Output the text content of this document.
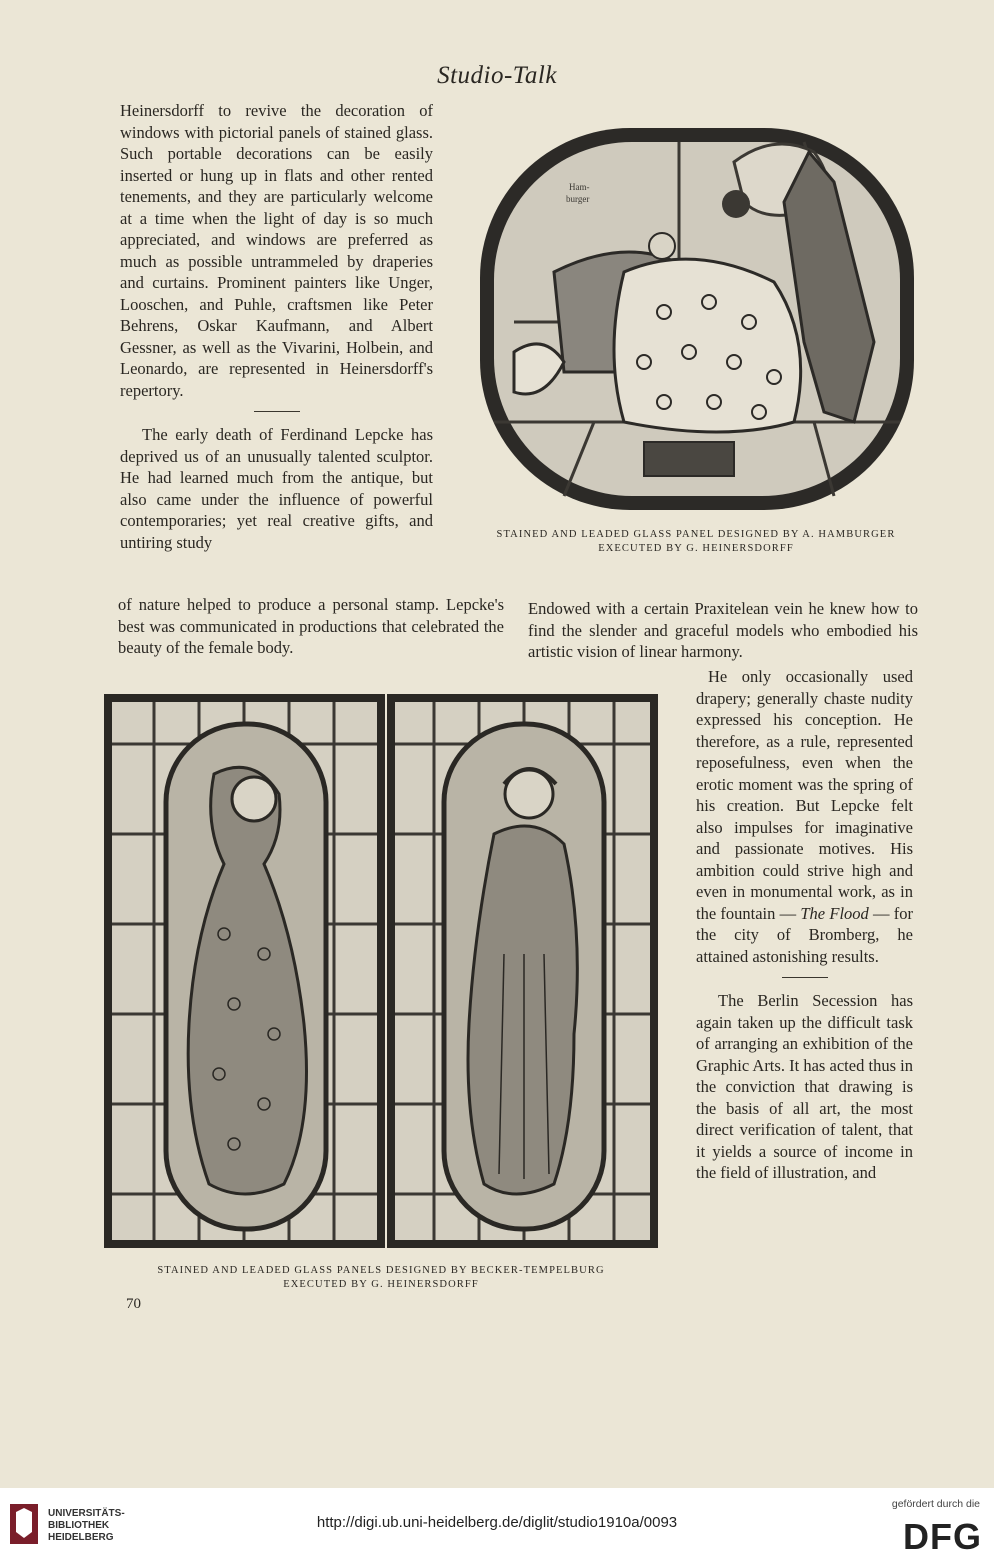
Studio-Talk

Heinersdorff to revive the decoration of windows with pictorial panels of stained glass. Such portable decorations can be easily inserted or hung up in flats and other rented tenements, and they are particularly welcome at a time when the light of day is so much appreciated, and windows are preferred as much as possible untrammeled by draperies and curtains. Prominent painters like Unger, Looschen, and Puhle, craftsmen like Peter Behrens, Oskar Kaufmann, and Albert Gessner, as well as the Vivarini, Holbein, and Leonardo, are represented in Heinersdorff's repertory.

The early death of Ferdinand Lepcke has deprived us of an unusually talented sculptor. He had learned much from the antique, but also came under the influence of powerful contemporaries; yet real creative gifts, and untiring study

Ham-
burger
STAINED AND LEADED GLASS PANEL DESIGNED BY A. HAMBURGER
EXECUTED BY G. HEINERSDORFF

of nature helped to produce a personal stamp. Lepcke's best was communicated in productions that celebrated the beauty of the female body.

Endowed with a certain Praxitelean vein he knew how to find the slender and graceful models who embodied his artistic vision of linear harmony.

STAINED AND LEADED GLASS PANELS DESIGNED BY BECKER-TEMPELBURG
EXECUTED BY G. HEINERSDORFF

He only occasionally used drapery; generally chaste nudity expressed his conception. He therefore, as a rule, represented reposefulness, even when the erotic moment was the spring of his creation. But Lepcke felt also impulses for imaginative and passionate motives. His ambition could strive high and even in monumental work, as in the fountain — The Flood — for the city of Bromberg, he attained astonishing results.

The Berlin Secession has again taken up the difficult task of arranging an exhibition of the Graphic Arts. It has acted thus in the conviction that drawing is the basis of all art, the most direct verification of talent, that it yields a source of income in the field of illustration, and

70
UNIVERSITÄTS-
BIBLIOTHEK
HEIDELBERG
http://digi.ub.uni-heidelberg.de/diglit/studio1910a/0093
gefördert durch die
DFG
